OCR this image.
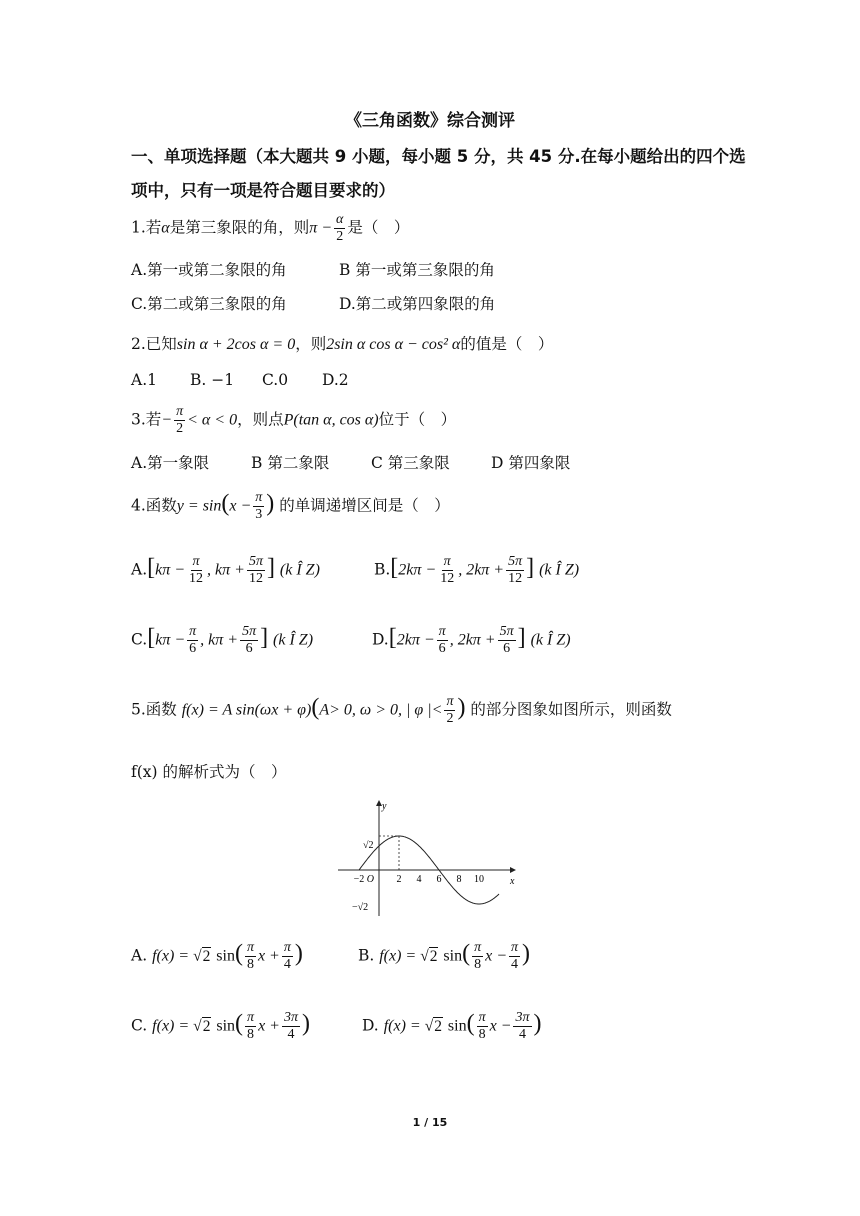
《三角函数》综合测评
一、单项选择题（本大题共 9 小题，每小题 5 分，共 45 分.在每小题给出的四个选项中，只有一项是符合题目要求的）
1.若α是第三象限的角，则$\pi - \frac{\alpha}{2}$ 是（　）
A.第一或第二象限的角	B 第一或第三象限的角
C.第二或第三象限的角	D.第二或第四象限的角
2.已知sin α + 2cos α = 0，则2sin α cos α − cos² α的值是（　）
A.1 B. −1 C.0 D.2
3.若− $\frac{\pi}{2} < \alpha < 0$，则点P(tan α, cos α)位于（　）
A.第一象限	B 第二象限	C 第三象限	D 第四象限
4.函数$y = \sin(x - \frac{\pi}{3}$ ) 的单调递增区间是（　）
$A.[k\pi - \frac{\pi}{12}$ , $k\pi + \frac{5\pi}{12}$ ] (k Î Z)	$B.[2k\pi - \frac{\pi}{12}$ , $2k\pi + \frac{5\pi}{12}$ ] (k Î Z)
$C.[k\pi - \frac{\pi}{6}$ , $k\pi + \frac{5\pi}{6}$ ] (k Î Z)	$D.[2k\pi - \frac{\pi}{6}$ , $2k\pi + \frac{5\pi}{6}$ ] (k Î Z)
5.函数 f(x) = A sin(ωx + φ)(A> 0, ω > 0, | φ |< $\frac{\pi}{2}$ ) 的部分图象如图所示，则函数
f(x) 的解析式为（　）
y
x
O
√2
−√2
−2	2 4 6 8 10
A. f(x) = √2 $\sin( \frac{\pi}{8}$ $x + \frac{\pi}{4}$ )	B. f(x) = √2 $\sin( \frac{\pi}{8}$ $x - \frac{\pi}{4}$ )
C. f(x) = √2 $\sin( \frac{\pi}{8}$ $x + \frac{3\pi}{4}$ )	D. f(x) = √2 $\sin( \frac{\pi}{8}$ $x - \frac{3\pi}{4}$ )
1 / 15
